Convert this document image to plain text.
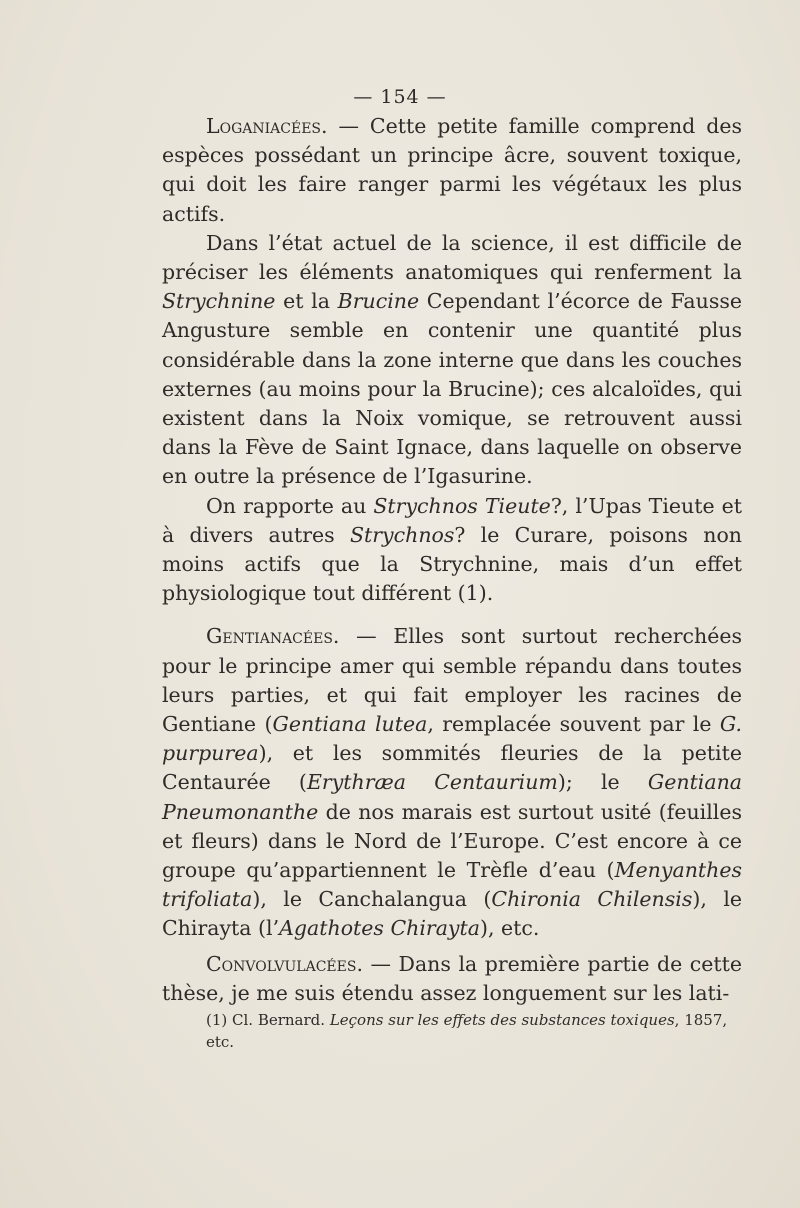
— 154 —

Loganiacées. — Cette petite famille comprend des espèces possédant un principe âcre, souvent toxique, qui doit les faire ranger parmi les végétaux les plus actifs.

Dans l’état actuel de la science, il est difficile de préciser les éléments anatomiques qui renferment la Strychnine et la Brucine Cependant l’écorce de Fausse Angusture semble en contenir une quantité plus considérable dans la zone interne que dans les couches externes (au moins pour la Brucine); ces alcaloïdes, qui existent dans la Noix vomique, se retrouvent aussi dans la Fève de Saint Ignace, dans laquelle on observe en outre la présence de l’Igasurine.

On rapporte au Strychnos Tieute?, l’Upas Tieute et à divers autres Strychnos? le Curare, poisons non moins actifs que la Strychnine, mais d’un effet physiologique tout différent (1).

Gentianacées. — Elles sont surtout recherchées pour le principe amer qui semble répandu dans toutes leurs parties, et qui fait employer les racines de Gentiane (Gentiana lutea, remplacée souvent par le G. purpurea), et les sommités fleuries de la petite Centaurée (Erythræa Centaurium); le Gentiana Pneumonanthe de nos marais est surtout usité (feuilles et fleurs) dans le Nord de l’Europe. C’est encore à ce groupe qu’appartiennent le Trèfle d’eau (Menyanthes trifoliata), le Canchalangua (Chironia Chilensis), le Chirayta (l’Agathotes Chirayta), etc.

Convolvulacées. — Dans la première partie de cette thèse, je me suis étendu assez longuement sur les lati-

(1) Cl. Bernard. Leçons sur les effets des substances toxiques, 1857, etc.
